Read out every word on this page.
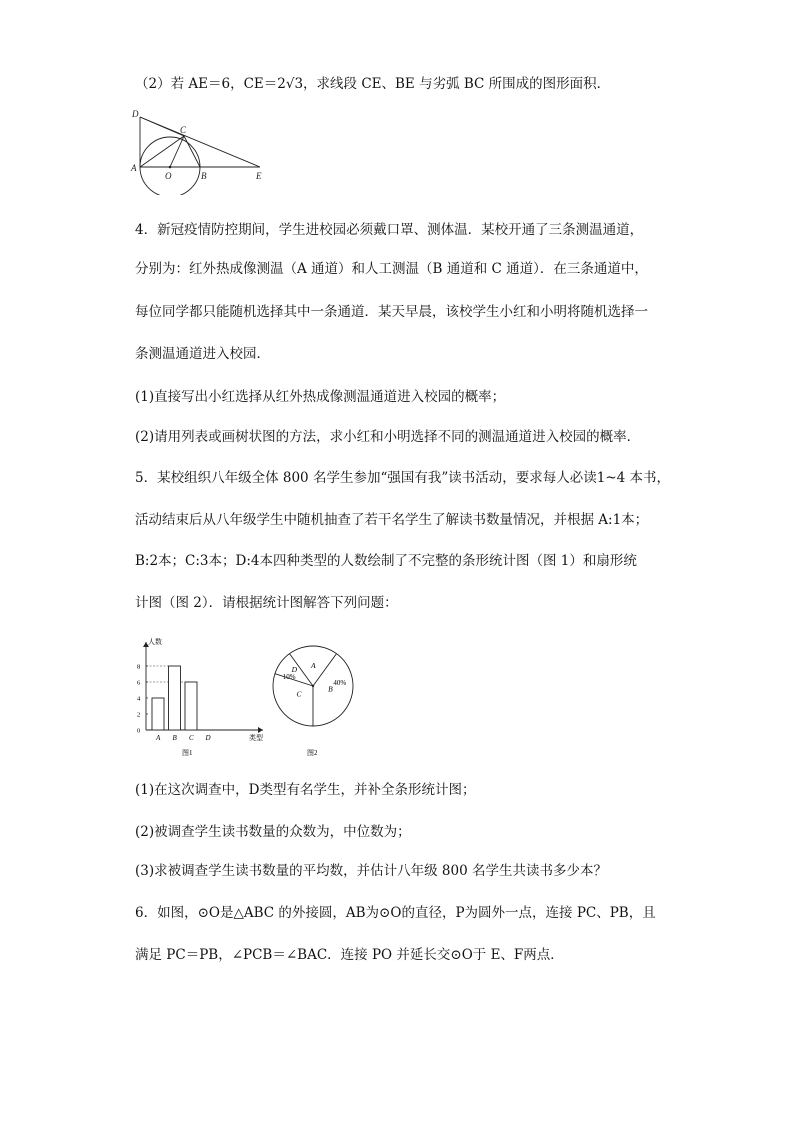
（2）若 AE＝6，CE＝2√3，求线段 CE、BE 与劣弧 BC 所围成的图形面积．
D
C
A
O	B	E
4．新冠疫情防控期间，学生进校园必须戴口罩、测体温．某校开通了三条测温通道，
分别为：红外热成像测温（A 通道）和人工测温（B 通道和 C 通道）．在三条通道中，
每位同学都只能随机选择其中一条通道．某天早晨，该校学生小红和小明将随机选择一
条测温通道进入校园．
(1)直接写出小红选择从红外热成像测温通道进入校园的概率；
(2)请用列表或画树状图的方法，求小红和小明选择不同的测温通道进入校园的概率．
5．某校组织八年级全体 800 名学生参加“强国有我”读书活动，要求每人必读1~4 本书，
活动结束后从八年级学生中随机抽查了若干名学生了解读书数量情况，并根据 A:1本；
B:2本；C:3本；D:4本四种类型的人数绘制了不完整的条形统计图（图 1）和扇形统
计图（图 2）．请根据统计图解答下列问题：
人数
类型
0
2
4
6
8
A B C D
图1
B
40%
A
D
10%
C
图2
(1)在这次调查中，D类型有名学生，并补全条形统计图；
(2)被调查学生读书数量的众数为，中位数为；
(3)求被调查学生读书数量的平均数，并估计八年级 800 名学生共读书多少本？
6．如图，⊙O是△ABC 的外接圆，AB为⊙O的直径，P为圆外一点，连接 PC、PB，且
满足 PC＝PB，∠PCB＝∠BAC．连接 PO 并延长交⊙O于 E、F两点．
